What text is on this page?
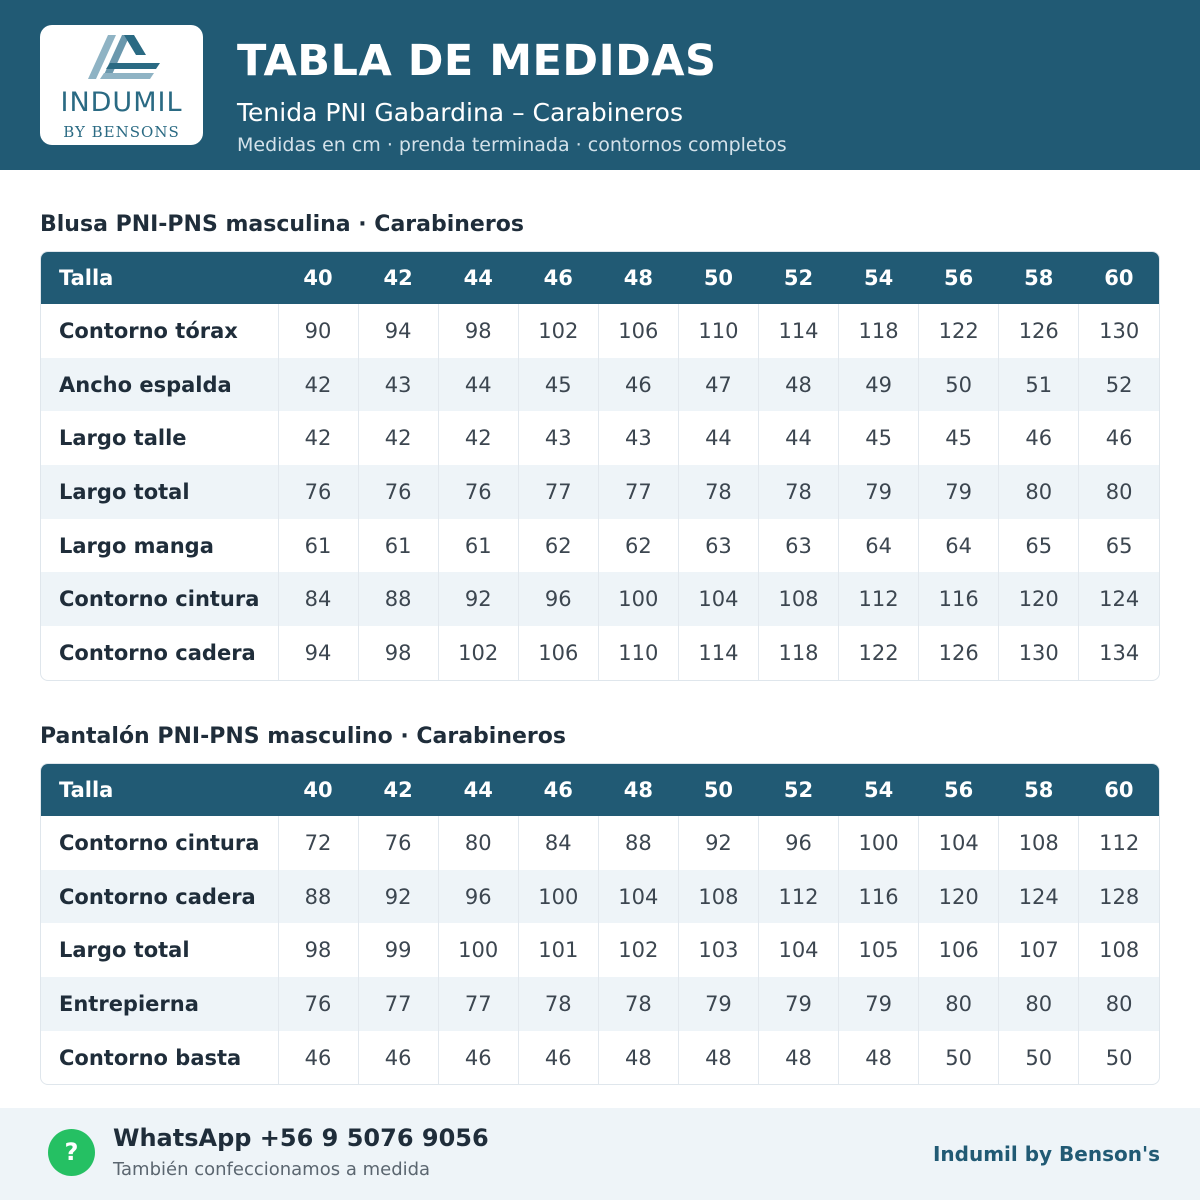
INDUMIL
BY BENSONS
TABLA DE MEDIDAS
Tenida PNI Gabardina – Carabineros
Medidas en cm · prenda terminada · contornos completos
Blusa PNI-PNS masculina · Carabineros
Talla	40	42	44	46	48	50	52	54	56	58	60
Contorno tórax	90	94	98	102	106	110	114	118	122	126	130
Ancho espalda	42	43	44	45	46	47	48	49	50	51	52
Largo talle	42	42	42	43	43	44	44	45	45	46	46
Largo total	76	76	76	77	77	78	78	79	79	80	80
Largo manga	61	61	61	62	62	63	63	64	64	65	65
Contorno cintura	84	88	92	96	100	104	108	112	116	120	124
Contorno cadera	94	98	102	106	110	114	118	122	126	130	134
Pantalón PNI-PNS masculino · Carabineros
Talla	40	42	44	46	48	50	52	54	56	58	60
Contorno cintura	72	76	80	84	88	92	96	100	104	108	112
Contorno cadera	88	92	96	100	104	108	112	116	120	124	128
Largo total	98	99	100	101	102	103	104	105	106	107	108
Entrepierna	76	77	77	78	78	79	79	79	80	80	80
Contorno basta	46	46	46	46	48	48	48	48	50	50	50
?	WhatsApp +56 9 5076 9056
También confeccionamos a medida
Indumil by Benson's
